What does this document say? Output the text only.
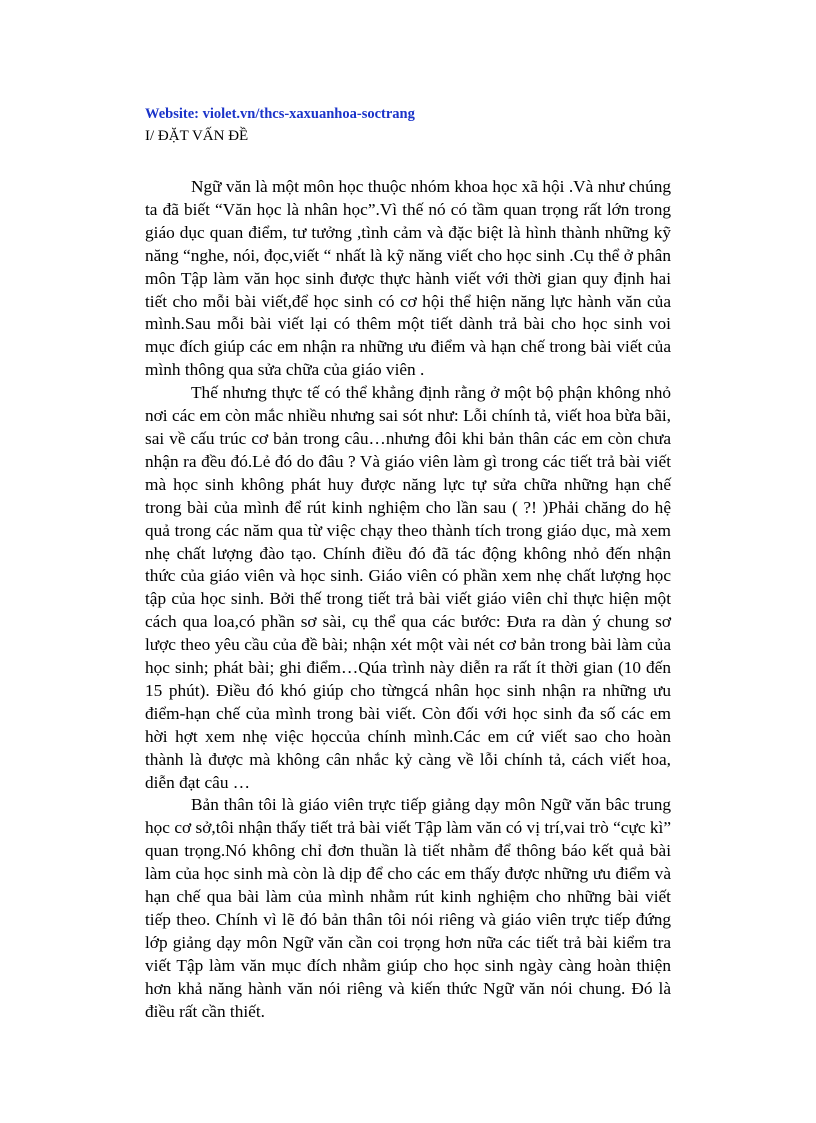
Website: violet.vn/thcs-xaxuanhoa-soctrang
I/ ĐẶT VẤN ĐỀ

Ngữ văn là một môn học thuộc nhóm khoa học xã hội .Và như chúng ta đã biết “Văn học là nhân học”.Vì thế nó có tầm quan trọng rất lớn trong giáo dục quan điểm, tư tưởng ,tình cảm và đặc biệt là hình thành những kỹ năng “nghe, nói, đọc,viết “ nhất là kỹ năng viết cho học sinh .Cụ thể ở phân môn Tập làm văn học sinh được thực hành viết với thời gian quy định hai tiết cho mỗi bài viết,để học sinh có cơ hội thể hiện năng lực hành văn của mình.Sau mỗi bài viết lại có thêm một tiết dành trả bài cho học sinh voi mục đích giúp các em nhận ra những ưu điểm và hạn chế trong bài viết của mình thông qua sửa chữa của giáo viên .

Thế nhưng thực tế có thể khẳng định rằng ở một bộ phận không nhỏ nơi các em còn mắc nhiều nhưng sai sót như: Lỗi chính tả, viết hoa bừa bãi, sai về cấu trúc cơ bản trong câu…nhưng đôi khi bản thân các em còn chưa nhận ra đều đó.Lẻ đó do đâu ? Và giáo viên làm gì trong các tiết trả bài viết mà học sinh không phát huy được năng lực tự sửa chữa những hạn chế trong bài của mình để rút kinh nghiệm cho lần sau ( ?! )Phải chăng do hệ quả trong các năm qua từ việc chạy theo thành tích trong giáo dục, mà xem nhẹ chất lượng đào tạo. Chính điều đó đã tác động không nhỏ đến nhận thức của giáo viên và học sinh. Giáo viên có phần xem nhẹ chất lượng học tập của học sinh. Bởi thế trong tiết trả bài viết giáo viên chỉ thực hiện một cách qua loa,có phần sơ sài, cụ thể qua các bước: Đưa ra dàn ý chung sơ lược theo yêu cầu của đề bài; nhận xét một vài nét cơ bản trong bài làm của học sinh; phát bài; ghi điểm…Qúa trình này diễn ra rất ít thời gian (10 đến 15 phút). Điều đó khó giúp cho từngcá nhân học sinh nhận ra những ưu điểm-hạn chế của mình trong bài viết. Còn đối với học sinh đa số các em hời hợt xem nhẹ việc họccủa chính mình.Các em cứ viết sao cho hoàn thành là được mà không cân nhắc kỷ càng về lỗi chính tả, cách viết hoa, diễn đạt câu …

Bản thân tôi là giáo viên trực tiếp giảng dạy môn Ngữ văn bâc trung học cơ sở,tôi nhận thấy tiết trả bài viết Tập làm văn có vị trí,vai trò “cực kì” quan trọng.Nó không chỉ đơn thuần là tiết nhằm để thông báo kết quả bài làm của học sinh mà còn là dịp để cho các em thấy được những ưu điểm và hạn chế qua bài làm của mình nhằm rút kinh nghiệm cho những bài viết tiếp theo. Chính vì lẽ đó bản thân tôi nói riêng và giáo viên trực tiếp đứng lớp giảng dạy môn Ngữ văn cần coi trọng hơn nữa các tiết trả bài kiểm tra viết Tập làm văn mục đích nhằm giúp cho học sinh ngày càng hoàn thiện hơn khả năng hành văn nói riêng và kiến thức Ngữ văn nói chung. Đó là điều rất cần thiết.
